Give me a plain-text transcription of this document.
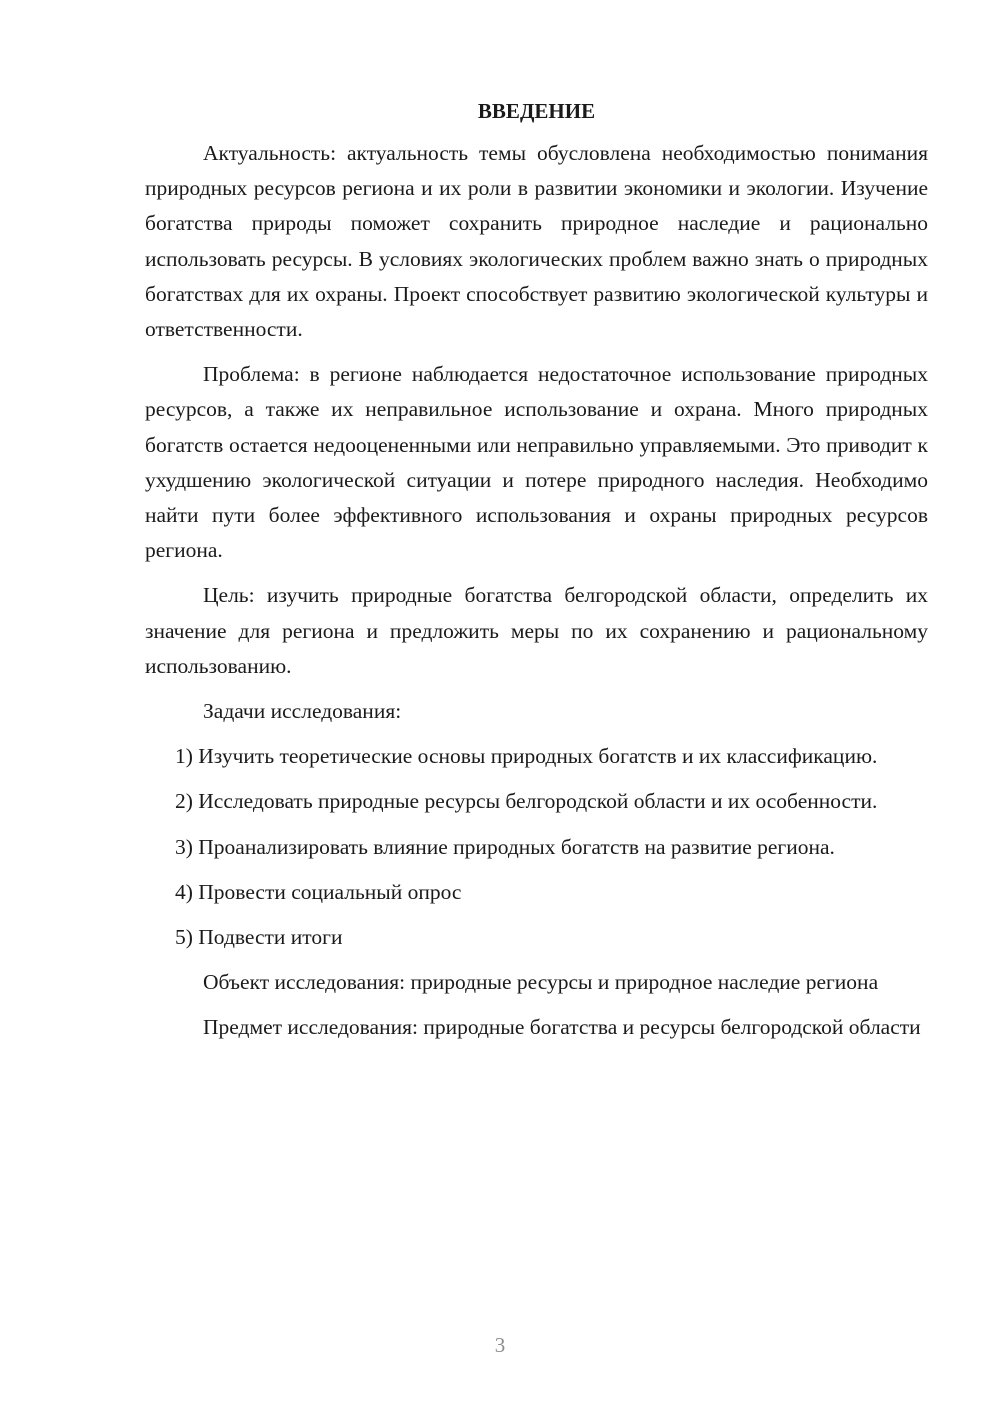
ВВЕДЕНИЕ

Актуальность: актуальность темы обусловлена необходимостью понимания природных ресурсов региона и их роли в развитии экономики и экологии. Изучение богатства природы поможет сохранить природное наследие и рационально использовать ресурсы. В условиях экологических проблем важно знать о природных богатствах для их охраны. Проект способствует развитию экологической культуры и ответственности.

Проблема: в регионе наблюдается недостаточное использование природных ресурсов, а также их неправильное использование и охрана. Много природных богатств остается недооцененными или неправильно управляемыми. Это приводит к ухудшению экологической ситуации и потере природного наследия. Необходимо найти пути более эффективного использования и охраны природных ресурсов региона.

Цель: изучить природные богатства белгородской области, определить их значение для региона и предложить меры по их сохранению и рациональному использованию.

Задачи исследования:

1) Изучить теоретические основы природных богатств и их классификацию.

2) Исследовать природные ресурсы белгородской области и их особенности.

3) Проанализировать влияние природных богатств на развитие региона.

4) Провести социальный опрос

5) Подвести итоги

Объект исследования: природные ресурсы и природное наследие региона

Предмет исследования: природные богатства и ресурсы белгородской области

3
